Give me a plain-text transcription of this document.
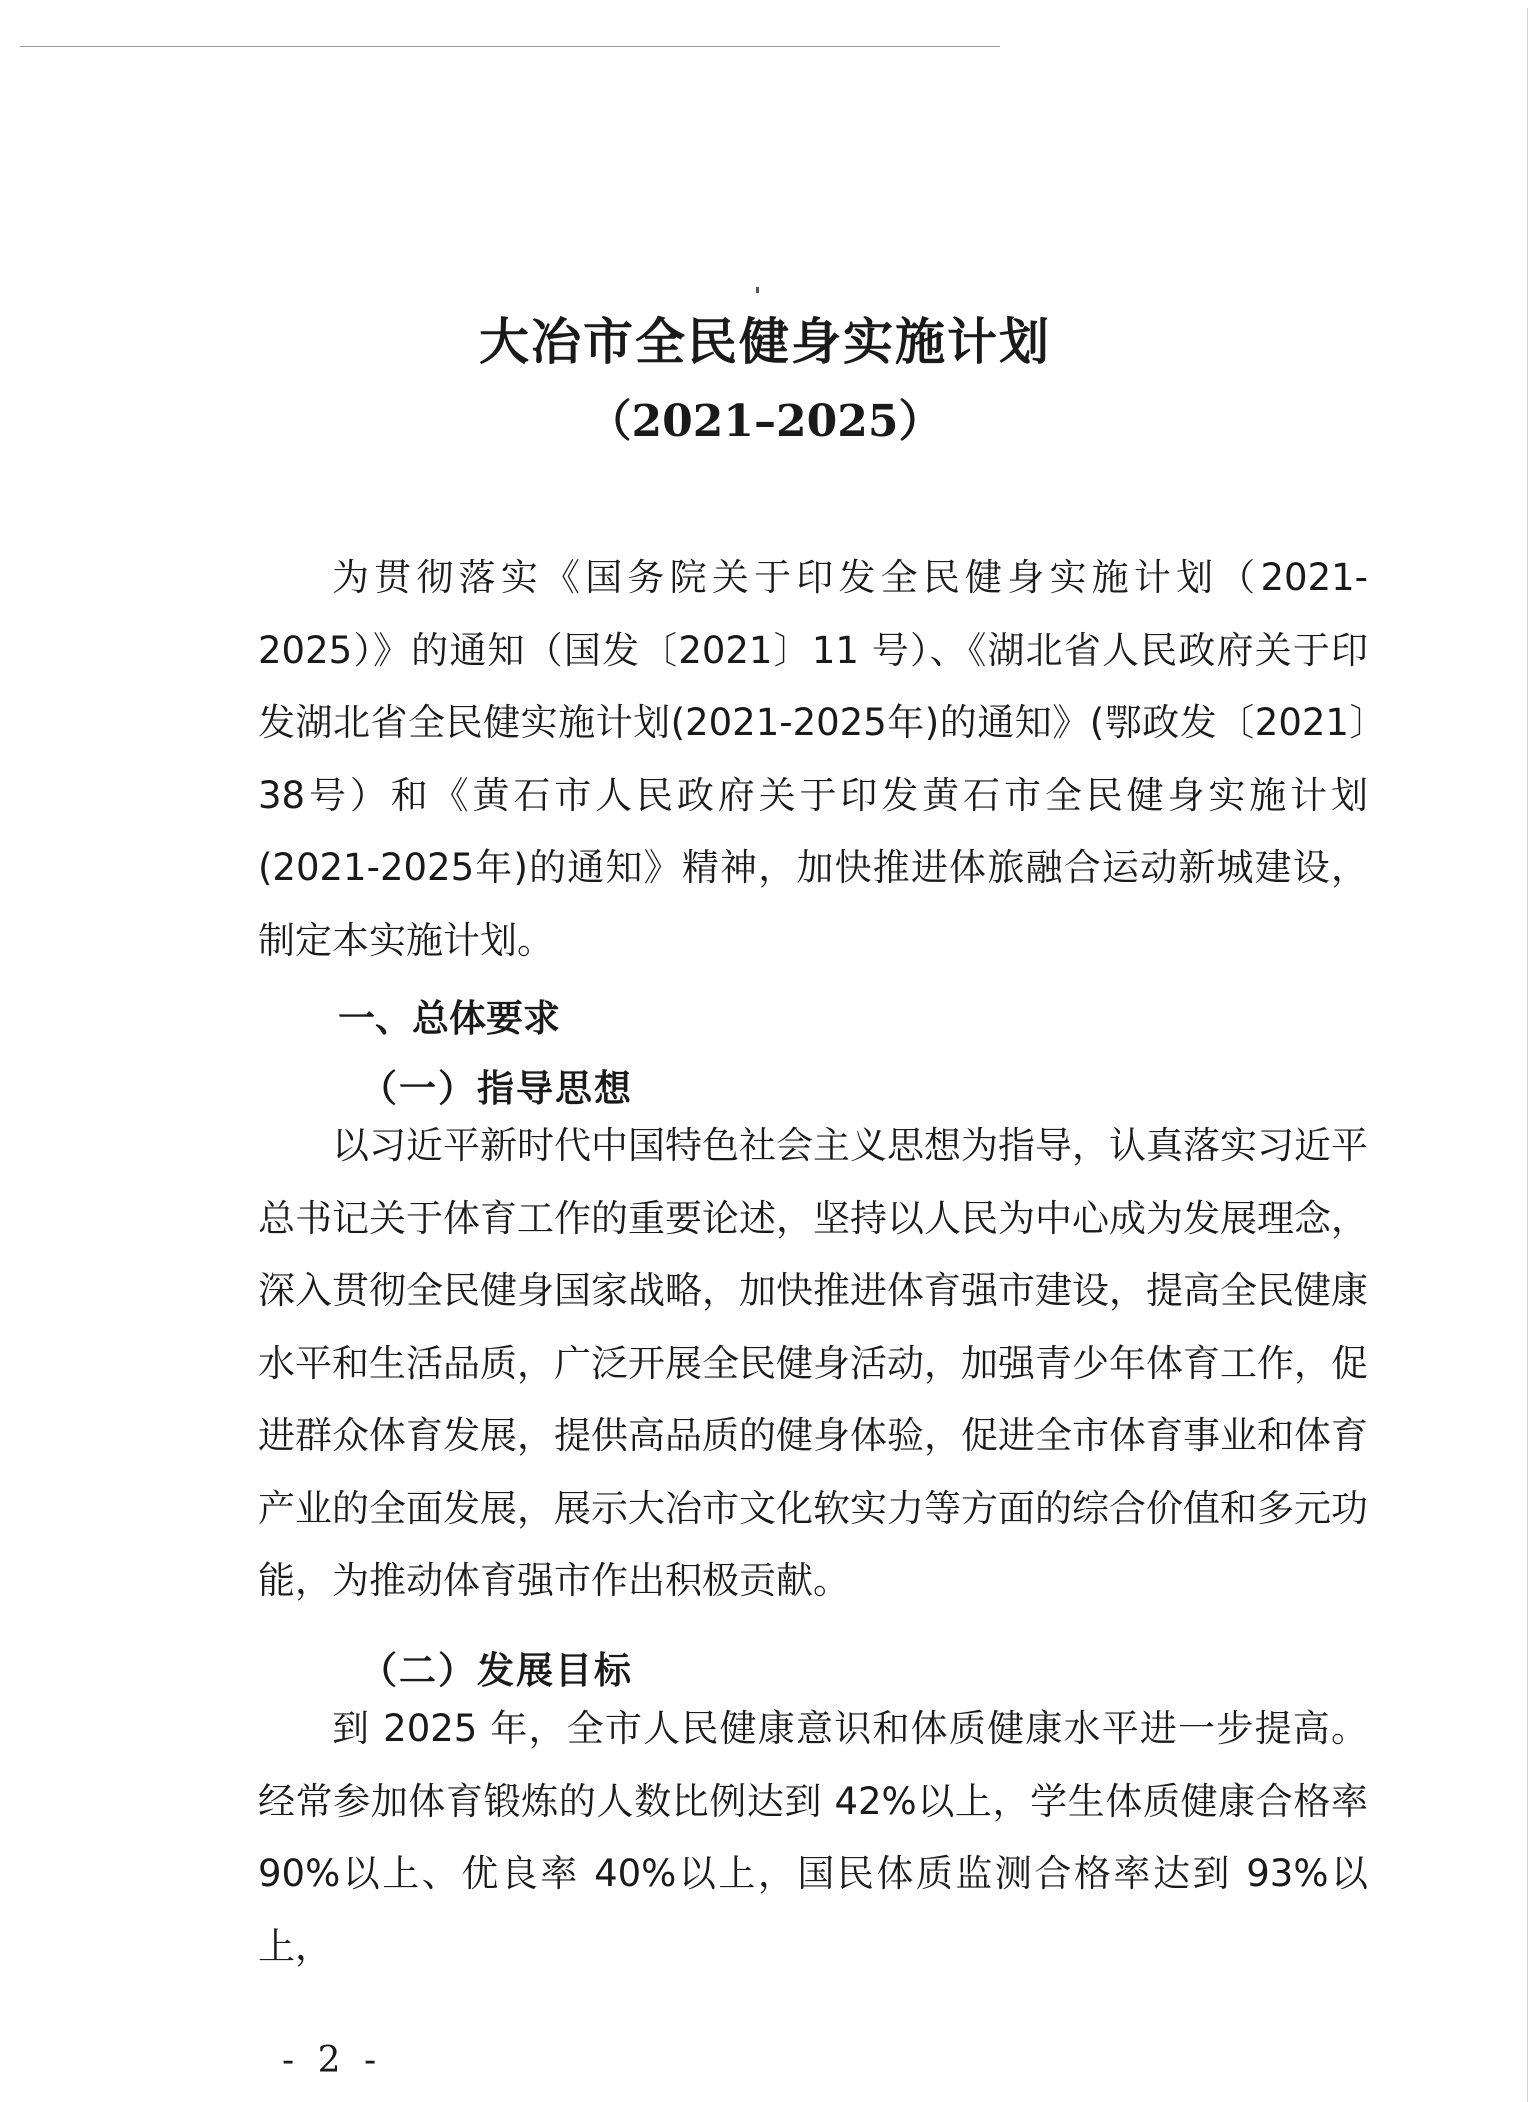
大冶市全民健身实施计划
（2021–2025）

为贯彻落实《国务院关于印发全民健身实施计划（2021-2025）》的通知（国发〔2021〕11 号）、《湖北省人民政府关于印发湖北省全民健实施计划(2021-2025年)的通知》(鄂政发〔2021〕38号）和《黄石市人民政府关于印发黄石市全民健身实施计划(2021-2025年)的通知》精神，加快推进体旅融合运动新城建设，制定本实施计划。

一、总体要求
（一）指导思想

以习近平新时代中国特色社会主义思想为指导，认真落实习近平总书记关于体育工作的重要论述，坚持以人民为中心成为发展理念，深入贯彻全民健身国家战略，加快推进体育强市建设，提高全民健康水平和生活品质，广泛开展全民健身活动，加强青少年体育工作，促进群众体育发展，提供高品质的健身体验，促进全市体育事业和体育产业的全面发展，展示大冶市文化软实力等方面的综合价值和多元功能，为推动体育强市作出积极贡献。

（二）发展目标

到 2025 年，全市人民健康意识和体质健康水平进一步提高。经常参加体育锻炼的人数比例达到 42%以上，学生体质健康合格率 90%以上、优良率 40%以上，国民体质监测合格率达到 93%以上，

- 2 -
